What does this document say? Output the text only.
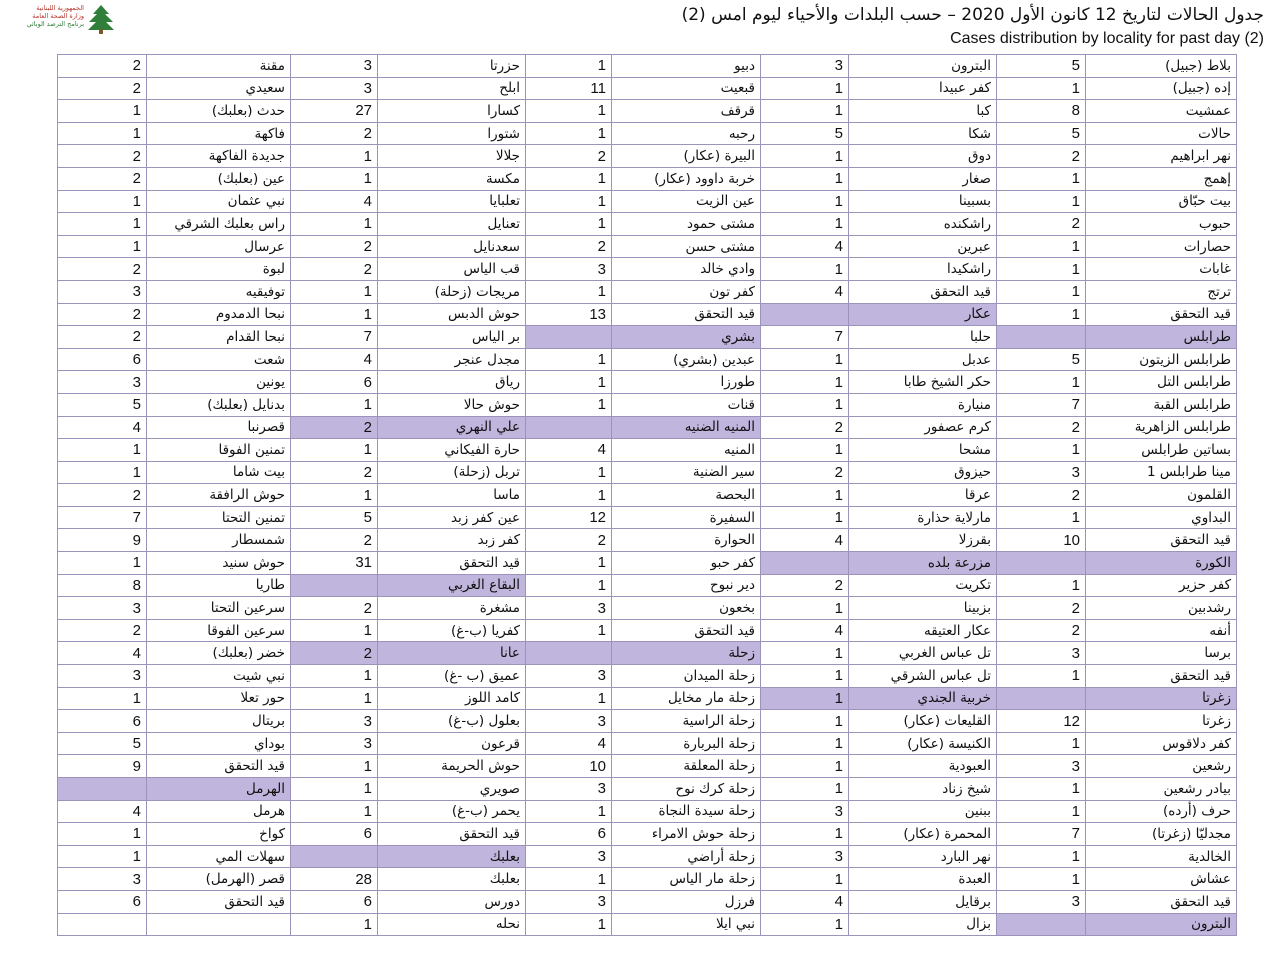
الجمهورية اللبنانية
وزارة الصحة العامة
برنامج الترصد الوبائي	جدول الحالات لتاريخ 12 كانون الأول 2020 – حسب البلدات والأحياء ليوم امس (2)
Cases distribution by locality for past day (2)
2	مقنة	3	حزرتا	1	دبيو	3	البترون	5	بلاط (جبيل)
2	سعيدي	3	ابلح	11	قبعيت	1	كفر عبيدا	1	إده (جبيل)
1	حدث (بعلبك)	27	كسارا	1	قرقف	1	كبا	8	عمشيت
1	فاكهة	2	شتورا	1	رحبه	5	شكا	5	حالات
2	جديدة الفاكهة	1	جلالا	2	البيرة (عكار)	1	دوق	2	نهر ابراهيم
2	عين (بعلبك)	1	مكسة	1	خربة داوود (عكار)	1	صغار	1	إهمج
1	نبي عثمان	4	تعلبايا	1	عين الزيت	1	بسبينا	1	بيت حبّاق
1	راس بعلبك الشرقي	1	تعنايل	1	مشتى حمود	1	راشكنده	2	حبوب
1	عرسال	2	سعدنايل	2	مشتى حسن	4	عبرين	1	حصارات
2	لبوة	2	قب الياس	3	وادي خالد	1	راشكيدا	1	غابات
3	توفيقيه	1	مريجات (زحلة)	1	كفر تون	4	قيد التحقق	1	ترتج
2	نبحا الدمدوم	1	حوش الدبس	13	قيد التحقق		عكار	1	قيد التحقق
2	نبحا القدام	7	بر الياس		بشري	7	حلبا		طرابلس
6	شعت	4	مجدل عنجر	1	عبدين (بشري)	1	عدبل	5	طرابلس الزيتون
3	يونين	6	رياق	1	طورزا	1	حكر الشيخ طابا	1	طرابلس التل
5	بدنايل (بعلبك)	1	حوش حالا	1	قنات	1	منيارة	7	طرابلس القبة
4	قصرنبا	2	علي النهري		المنيه الضنيه	2	كرم عصفور	2	طرابلس الزاهرية
1	تمنين الفوقا	1	حارة الفيكاني	4	المنيه	1	مشحا	1	بساتين طرابلس
1	بيت شاما	2	تربل (زحلة)	1	سير الضنية	2	حيزوق	3	مينا طرابلس 1
2	حوش الرافقة	1	ماسا	1	البحصة	1	عرقا	2	القلمون
7	تمنين التحتا	5	عين كفر زبد	12	السفيرة	1	مارلاية حذارة	1	البداوي
9	شمسطار	2	كفر زبد	2	الحوارة	4	بقرزلا	10	قيد التحقق
1	حوش سنيد	31	قيد التحقق	1	كفر حبو		مزرعة بلده		الكورة
8	طاريا		البقاع الغربي	1	دير نبوح	2	تكريت	1	كفر حزير
3	سرعين التحتا	2	مشغرة	3	بخعون	1	بزبينا	2	رشدبين
2	سرعين الفوقا	1	كفريا (ب-غ)	1	قيد التحقق	4	عكار العتيقه	2	أنفه
4	خضر (بعلبك)	2	عانا		زحلة	1	تل عباس الغربي	3	برسا
3	نبي شيت	1	عميق (ب -غ)	3	زحلة الميدان	1	تل عباس الشرقي	1	قيد التحقق
1	حور تعلا	1	كامد اللوز	1	زحلة مار مخايل	1	خربية الجندي		زغرتا
6	بريتال	3	بعلول (ب-غ)	3	زحلة الراسية	1	القليعات (عكار)	12	زغرتا
5	بوداي	3	قرعون	4	زحلة البربارة	1	الكنيسة (عكار)	1	كفر دلاقوس
9	قيد التحقق	1	حوش الحريمة	10	زحلة المعلقة	1	العبودية	3	رشعين
	الهرمل	1	صويري	3	زحلة كرك نوح	1	شيخ زناد	1	بيادر رشعين
4	هرمل	1	يحمر (ب-غ)	1	زحلة سيدة النجاة	3	ببنين	1	حرف (أرده)
1	كواخ	6	قيد التحقق	6	زحلة حوش الامراء	1	المحمرة (عكار)	7	مجدليّا (زغرتا)
1	سهلات المي		بعلبك	3	زحلة أراضي	3	نهر البارد	1	الخالدية
3	قصر (الهرمل)	28	بعلبك	1	زحلة مار الياس	1	العبدة	1	عشاش
6	قيد التحقق	6	دورس	3	فرزل	4	برقايل	3	قيد التحقق
		1	نحله	1	نبي ايلا	1	بزال		البترون
